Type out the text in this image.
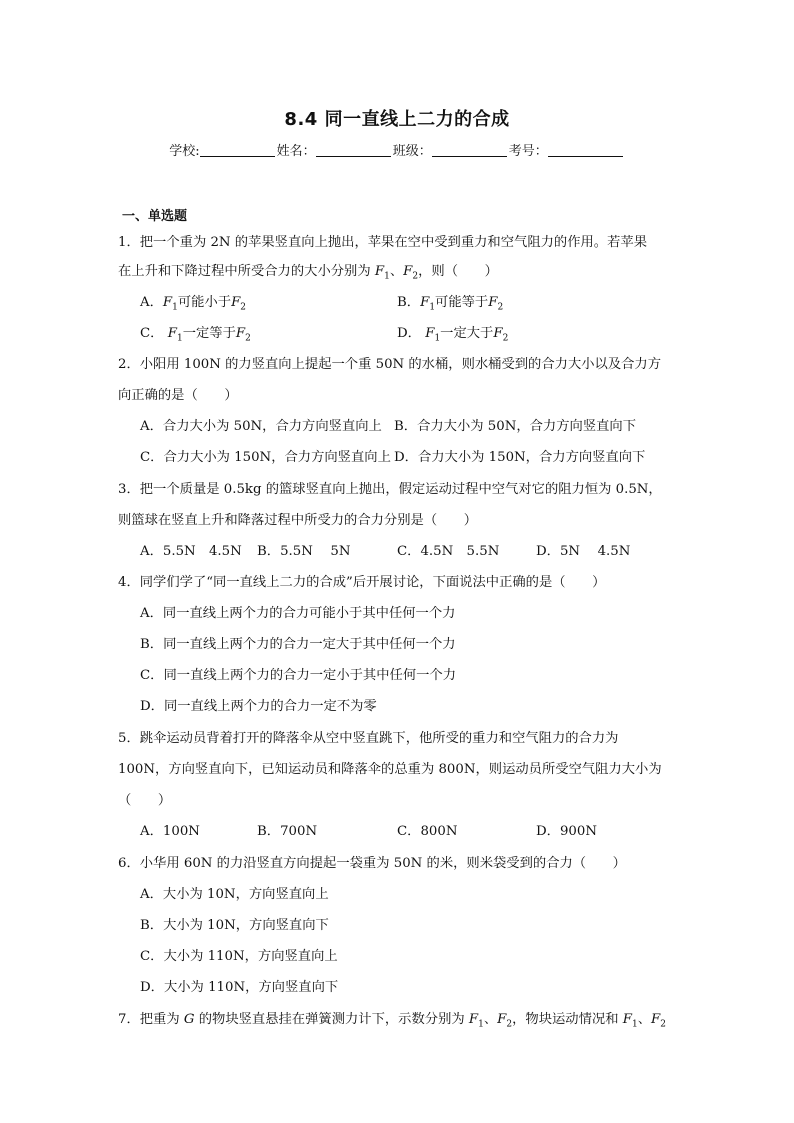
8.4 同一直线上二力的合成
学校:	姓名：	班级：	考号：
一、单选题
1．把一个重为 2N 的苹果竖直向上抛出，苹果在空中受到重力和空气阻力的作用。若苹果
在上升和下降过程中所受合力的大小分别为 $F_1$、$F_2$，则（　　）
A．$F_1$可能小于$F_2$	B．$F_1$可能等于$F_2$
C． $F_1$一定等于$F_2$	D． $F_1$一定大于$F_2$
2．小阳用 100N 的力竖直向上提起一个重 50N 的水桶，则水桶受到的合力大小以及合力方
向正确的是（　　）
A．合力大小为 50N，合力方向竖直向上 B．合力大小为 50N，合力方向竖直向下
C．合力大小为 150N，合力方向竖直向上 D．合力大小为 150N，合力方向竖直向下
3．把一个质量是 0.5kg 的篮球竖直向上抛出，假定运动过程中空气对它的阻力恒为 0.5N，
则篮球在竖直上升和降落过程中所受力的合力分别是（　　）
A．5.5N　4.5N B．5.5N　 5N	C．4.5N　5.5N	D．5N　 4.5N
4．同学们学了“同一直线上二力的合成”后开展讨论，下面说法中正确的是（　　）
A．同一直线上两个力的合力可能小于其中任何一个力
B．同一直线上两个力的合力一定大于其中任何一个力
C．同一直线上两个力的合力一定小于其中任何一个力
D．同一直线上两个力的合力一定不为零
5．跳伞运动员背着打开的降落伞从空中竖直跳下，他所受的重力和空气阻力的合力为
100N，方向竖直向下，已知运动员和降落伞的总重为 800N，则运动员所受空气阻力大小为
（　　）
A．100N	B．700N	C．800N	D．900N
6．小华用 60N 的力沿竖直方向提起一袋重为 50N 的米，则米袋受到的合力（　　）
A．大小为 10N，方向竖直向上
B．大小为 10N，方向竖直向下
C．大小为 110N，方向竖直向上
D．大小为 110N，方向竖直向下
7．把重为 G 的物块竖直悬挂在弹簧测力计下，示数分别为 $F_1$、$F_2$，物块运动情况和 $F_1$、$F_2$
